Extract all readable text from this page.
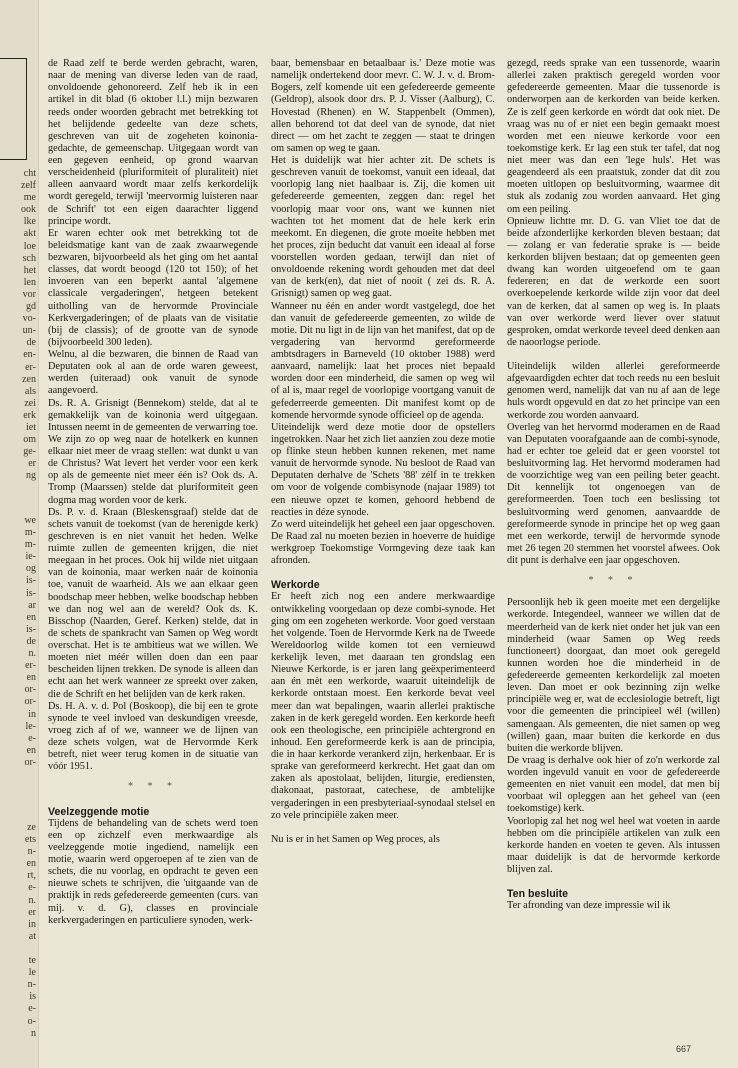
cht
zelf
me
ook
lke
akt
loe
sch
het
len
vor
gd
vo-
un-
de
en-
er-
zen
als
zei
erk
iet
om
ge-
er
ng
we
m-
m-
ie-
og
is-
is-
ar
en
is-
de
n.
er-
en
or-
or-
in
le-
e-
en
or-
ze
ets
n-
en
rt,
e-
n.
er
in
at

te
le
n-
is
e-
o-
n

de Raad zelf te berde werden gebracht, waren, naar de mening van diverse leden van de raad, onvoldoende gehonoreerd. Zelf heb ik in een artikel in dit blad (6 oktober l.l.) mijn bezwaren reeds onder woorden gebracht met betrekking tot het belijdende gedeelte van deze schets, geschreven van uit de zogeheten koinonia-gedachte, de gemeenschap. Uitgegaan wordt van een gegeven eenheid, op grond waarvan verscheidenheid (pluriformiteit of pluraliteit) niet alleen aanvaard wordt maar zelfs kerkordelijk wordt geregeld, terwijl 'meervormig luisteren naar de Schrift' tot een eigen daarachter liggend principe wordt.

Er waren echter ook met betrekking tot de beleidsmatige kant van de zaak zwaarwegende bezwaren, bijvoorbeeld als het ging om het aantal classes, dat wordt beoogd (120 tot 150); of het invoeren van een beperkt aantal 'algemene classicale vergaderingen', hetgeen betekent uitholling van de hervormde Provinciale Kerkvergaderingen; of de plaats van de visitatie (bij de classis); of de grootte van de synode (bijvoorbeeld 300 leden).

Welnu, al die bezwaren, die binnen de Raad van Deputaten ook al aan de orde waren geweest, werden (uiteraad) ook vanuit de synode aangevoerd.

Ds. R. A. Grisnigt (Bennekom) stelde, dat al te gemakkelijk van de koinonia werd uitgegaan. Intussen neemt in de gemeenten de verwarring toe. We zijn zo op weg naar de hotelkerk en kunnen elkaar niet meer de vraag stellen: wat dunkt u van de Christus? Wat levert het verder voor een kerk op als de gemeente niet meer één is? Ook ds. A. Tromp (Maarssen) stelde dat pluriformiteit geen dogma mag worden voor de kerk.

Ds. P. v. d. Kraan (Bleskensgraaf) stelde dat de schets vanuit de toekomst (van de herenigde kerk) geschreven is en niet vanuit het heden. Welke ruimte zullen de gemeenten krijgen, die niet meegaan in het proces. Ook hij wilde niet uitgaan van de koinonia, maar werken naár de koinonia toe, vanuit de waarheid. Als we aan elkaar geen boodschap meer hebben, welke boodschap hebben we dan nog wel aan de wereld? Ook ds. K. Bisschop (Naarden, Geref. Kerken) stelde, dat in de schets de spankracht van Samen op Weg wordt overschat. Het is te ambitieus wat we willen. We moeten niet méér willen doen dan een paar bescheiden lijnen trekken. De synode is alleen dan echt aan het werk wanneer ze spreekt over zaken, die de Schrift en het belijden van de kerk raken.

Ds. H. A. v. d. Pol (Boskoop), die bij een te grote synode te veel invloed van deskundigen vreesde, vroeg zich af of we, wanneer we de lijnen van deze schets volgen, wat de Hervormde Kerk betreft, niet weer terug komen in de situatie van vóór 1951.

* * *
Veelzeggende motie

Tijdens de behandeling van de schets werd toen een op zichzelf even merkwaardige als veelzeggende motie ingediend, namelijk een motie, waarin werd opgeroepen af te zien van de schets, die nu voorlag, en opdracht te geven een nieuwe schets te schrijven, die 'uitgaande van de praktijk in reds gefedereerde gemeenten (curs. van mij. v. d. G), classes en provinciale kerkvergaderingen en particuliere synoden, werk-

baar, bemensbaar en betaalbaar is.' Deze motie was namelijk ondertekend door mevr. C. W. J. v. d. Brom-Bogers, zelf komende uit een gefedereerde gemeente (Geldrop), alsook door drs. P. J. Visser (Aalburg), C. Hovestad (Rhenen) en W. Stappenbelt (Ommen), allen behorend tot dat deel van de synode, dat niet direct — om het zacht te zeggen — staat te dringen om samen op weg te gaan.

Het is duidelijk wat hier achter zit. De schets is geschreven vanuit de toekomst, vanuit een ideaal, dat voorlopig lang niet haalbaar is. Zij, die komen uit gefedereerde gemeenten, zeggen dan: regel het voorlopig maar voor ons, want we kunnen niet wachten tot het moment dat de hele kerk erin meekomt. En diegenen, die grote moeite hebben met het proces, zijn beducht dat vanuit een ideaal al forse voorstellen worden gedaan, terwijl dan niet of onvoldoende rekening wordt gehouden met dat deel van de kerk(en), dat niet of nooit ( zei ds. R. A. Grisnigt) samen op weg gaat.

Wanneer nu één en ander wordt vastgelegd, doe het dan vanuit de gefedereerde gemeenten, zo wilde de motie. Dit nu ligt in de lijn van het manifest, dat op de vergadering van hervormd gereformeerde ambtsdragers in Barneveld (10 oktober 1988) werd aanvaard, namelijk: laat het proces niet bepaald worden door een minderheid, die samen op weg wil of al is, maar regel de voorlopige voortgang vanuit de gefederreerde gemeenten. Dit manifest komt op de komende hervormde synode officieel op de agenda.

Uiteindelijk werd deze motie door de opstellers ingetrokken. Naar het zich liet aanzien zou deze motie op flinke steun hebben kunnen rekenen, met name vanuit de hervormde synode. Nu besloot de Raad van Deputaten derhalve de 'Schets '88' zélf in te trekken om voor de volgende combisynode (najaar 1989) tot een nieuwe opzet te komen, gehoord hebbend de reacties in déze synode.

Zo werd uiteindelijk het geheel een jaar opgeschoven. De Raad zal nu moeten bezien in hoeverre de huidige werkgroep Toekomstige Vormgeving deze taak kan afronden.

Werkorde

Er heeft zich nog een andere merkwaardige ontwikkeling voorgedaan op deze combi-synode. Het ging om een zogeheten werkorde. Voor goed verstaan het volgende. Toen de Hervormde Kerk na de Tweede Wereldoorlog wilde komen tot een vernieuwd kerkelijk leven, met daaraan ten grondslag een Nieuwe Kerkorde, is er jaren lang geëxperimenteerd aan én mèt een werkorde, waaruit uiteindelijk de kerkorde ontstaan moest. Een kerkorde bevat veel meer dan wat bepalingen, waarin allerlei praktische zaken in de kerk geregeld worden. Een kerkorde heeft ook een theologische, een principiële achtergrond en inhoud. Een gereformeerde kerk is aan de principia, die in haar kerkorde verankerd zijn, herkenbaar. Er is sprake van gereformeerd kerkrecht. Het gaat dan om zaken als apostolaat, belijden, liturgie, erediensten, diakonaat, pastoraat, catechese, de ambtelijke vergaderingen in een presbyteriaal-synodaal stelsel en zo vele principiële zaken meer.

Nu is er in het Samen op Weg proces, als

gezegd, reeds sprake van een tussenorde, waarin allerlei zaken praktisch geregeld worden voor gefedereerde gemeenten. Maar die tussenorde is onderworpen aan de kerkorden van beide kerken. Ze is zelf geen kerkorde en wórdt dat ook niet. De vraag was nu of er niet een begin gemaakt moest worden met een nieuwe kerkorde voor een toekomstige kerk. Er lag een stuk ter tafel, dat nog niet meer was dan een 'lege huls'. Het was geagendeerd als een praatstuk, zonder dat dit zou moeten uitlopen op besluitvorming, waarmee dit stuk als zodanig zou worden aanvaard. Het ging om een peiling.

Opnieuw lichtte mr. D. G. van Vliet toe dat de beide afzonderlijke kerkorden bleven bestaan; dat — zolang er van federatie sprake is — beide kerkorden blijven bestaan; dat op gemeenten geen dwang kan worden uitgeoefend om te gaan federeren; en dat de werkorde een soort overkoepelende kerkorde wilde zijn voor dat deel van de kerken, dat al samen op weg is. In plaats van over werkorde werd liever over statuut gesproken, omdat werkorde teveel deed denken aan de naoorlogse periode.

Uiteindelijk wilden allerlei gereformeerde afgevaardigden echter dat toch reeds nu een besluit genomen werd, namelijk dat van nu af aan de lege huls wordt opgevuld en dat zo het principe van een werkorde zou worden aanvaard.

Overleg van het hervormd moderamen en de Raad van Deputaten voorafgaande aan de combi-synode, had er echter toe geleid dat er geen voorstel tot besluitvorming lag. Het hervormd moderamen had de voorzichtige weg van een peiling beter geacht. Dit kennelijk tot ongenoegen van de gereformeerden. Toen toch een beslissing tot besluitvorming werd genomen, aanvaardde de gereformeerde synode in principe het op weg gaan met een werkorde, terwijl de hervormde synode met 26 tegen 20 stemmen het voorstel afwees. Ook dit punt is derhalve een jaar opgeschoven.

* * *

Persoonlijk heb ik geen moeite met een dergelijke werkorde. Integendeel, wanneer we willen dat de meerderheid van de kerk niet onder het juk van een minderheid (waar Samen op Weg reeds functioneert) doorgaat, dan moet ook geregeld kunnen worden hoe die minderheid in de gefedereerde gemeenten kerkordelijk zal moeten leven. Dan moet er ook bezinning zijn welke principiële weg er, wat de ecclesiologie betreft, ligt voor die gemeenten die principieel wél (willen) samengaan. Als gemeenten, die niet samen op weg (willen) gaan, maar buiten die kerkorde en dus buiten die werkorde blijven.

De vraag is derhalve ook hier of zo'n werkorde zal worden ingevuld vanuit en voor de gefedereerde gemeenten en niet vanuit een model, dat men bij voorbaat wil opleggen aan het geheel van (een toekomstige) kerk.

Voorlopig zal het nog wel heel wat voeten in aarde hebben om die principiële artikelen van zulk een kerkorde handen en voeten te geven. Als intussen maar duidelijk is dat de hervormde kerkorde blijven zal.

Ten besluite

Ter afronding van deze impressie wil ik

667
